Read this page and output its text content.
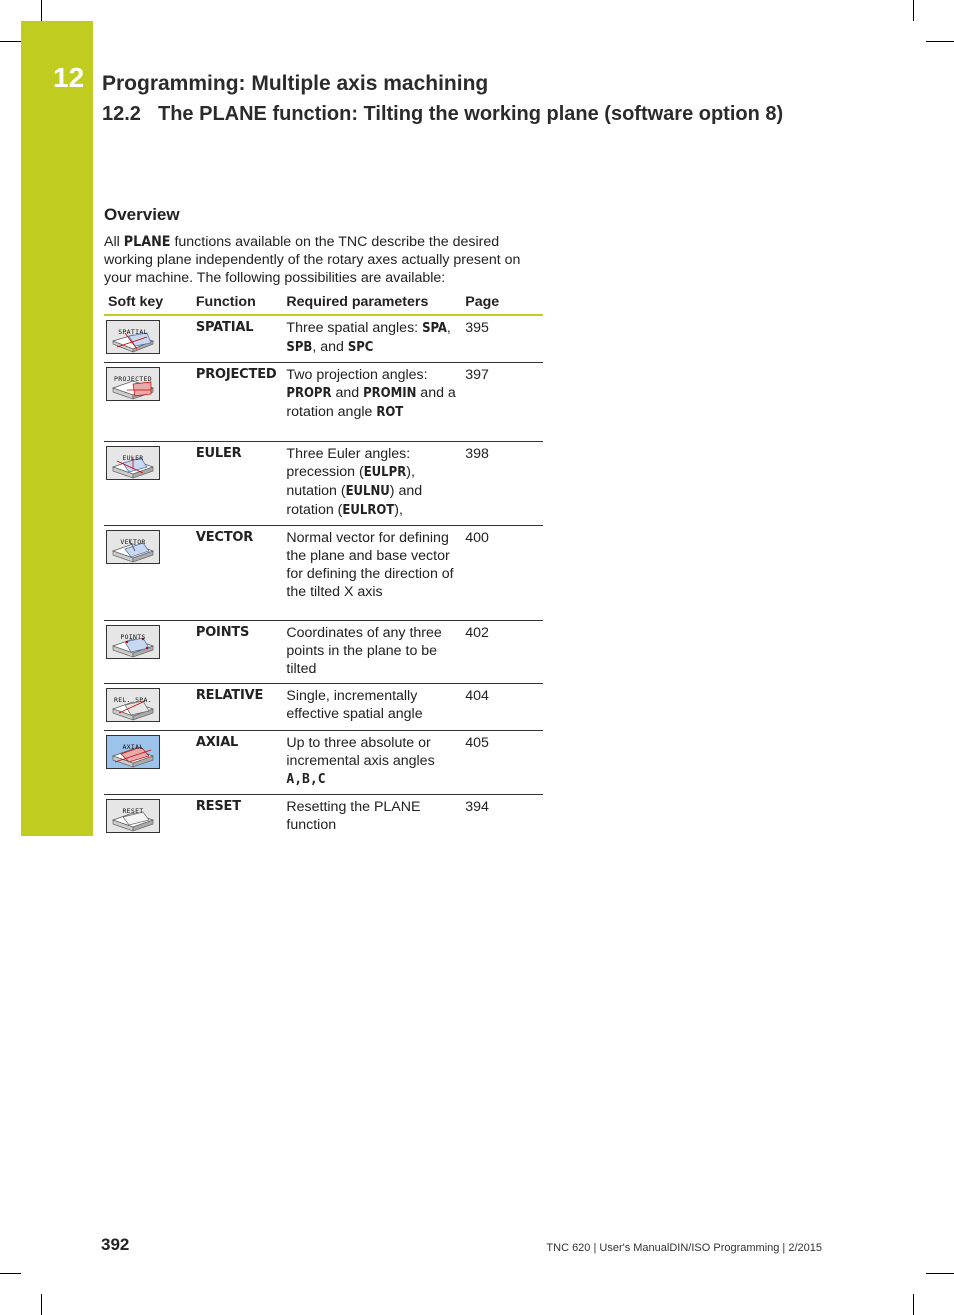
12 Programming: Multiple axis machining
12.2 The PLANE function: Tilting the working plane (software option 8)
Overview
All PLANE functions available on the TNC describe the desired working plane independently of the rotary axes actually present on your machine. The following possibilities are available:
Soft key	Function	Required parameters	Page

SPATIAL	SPATIAL	Three spatial angles: SPA, SPB, and SPC	395

PROJECTED	PROJECTED	Two projection angles: PROPR and PROMIN and a rotation angle ROT	397

EULER	EULER	Three Euler angles: precession (EULPR), nutation (EULNU) and rotation (EULROT),	398

VECTOR	VECTOR	Normal vector for defining the plane and base vector for defining the direction of the tilted X axis	400

POINTS	POINTS	Coordinates of any three points in the plane to be tilted	402

REL. SPA.	RELATIVE	Single, incrementally effective spatial angle	404

AXIAL	AXIAL	Up to three absolute or incremental axis angles A,B,C	405

RESET	RESET	Resetting the PLANE function	394
392	TNC 620 | User's ManualDIN/ISO Programming | 2/2015
